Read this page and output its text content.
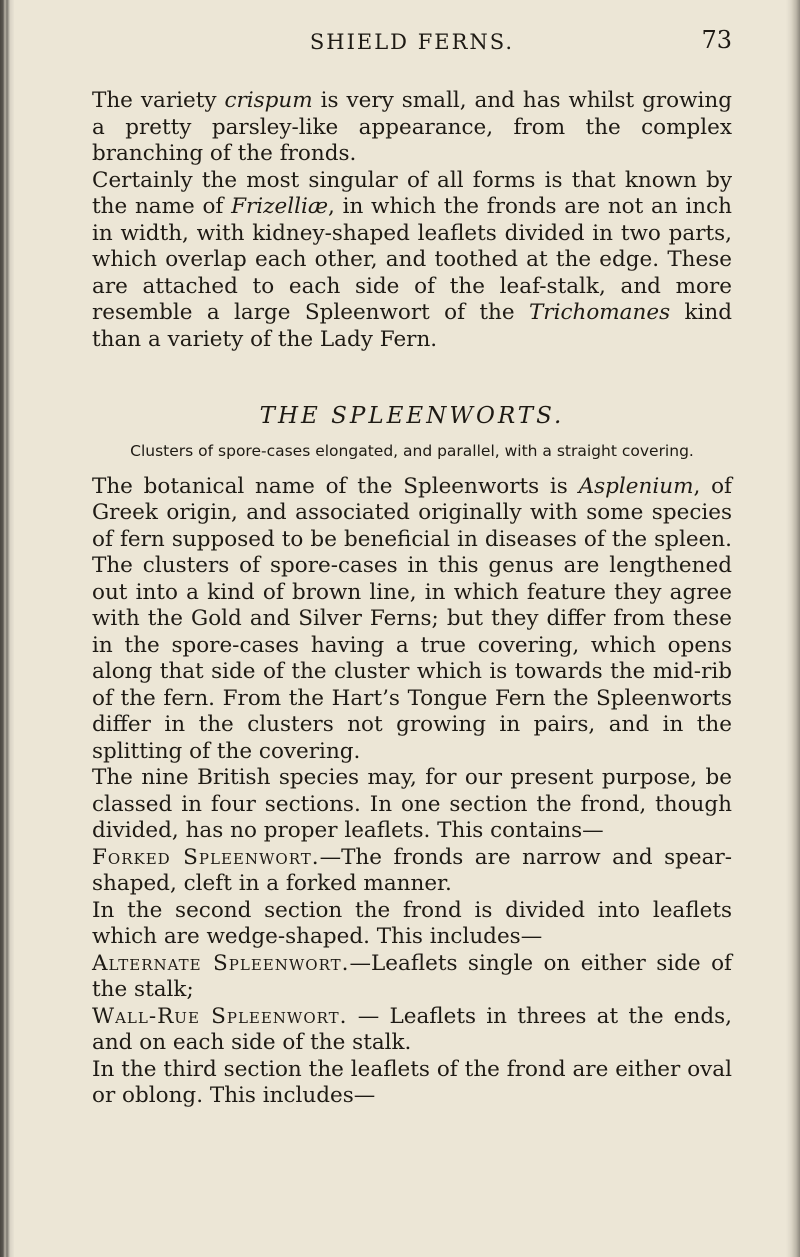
SHIELD FERNS.	73

The variety crispum is very small, and has whilst growing a pretty parsley-like appearance, from the complex branching of the fronds.

Certainly the most singular of all forms is that known by the name of Frizelliæ, in which the fronds are not an inch in width, with kidney-shaped leaflets divided in two parts, which overlap each other, and toothed at the edge. These are attached to each side of the leaf-stalk, and more resemble a large Spleenwort of the Trichomanes kind than a variety of the Lady Fern.

THE SPLEENWORTS.
Clusters of spore-cases elongated, and parallel, with a straight covering.

The botanical name of the Spleenworts is Asplenium, of Greek origin, and associated originally with some species of fern supposed to be beneficial in diseases of the spleen. The clusters of spore-cases in this genus are lengthened out into a kind of brown line, in which feature they agree with the Gold and Silver Ferns; but they differ from these in the spore-cases having a true covering, which opens along that side of the cluster which is towards the mid-rib of the fern. From the Hart’s Tongue Fern the Spleenworts differ in the clusters not growing in pairs, and in the splitting of the covering.

The nine British species may, for our present purpose, be classed in four sections. In one section the frond, though divided, has no proper leaflets. This contains—

Forked Spleenwort.—The fronds are narrow and spear-shaped, cleft in a forked manner.

In the second section the frond is divided into leaflets which are wedge-shaped. This includes—

Alternate Spleenwort.—Leaflets single on either side of the stalk;

Wall-Rue Spleenwort. — Leaflets in threes at the ends, and on each side of the stalk.

In the third section the leaflets of the frond are either oval or oblong. This includes—
